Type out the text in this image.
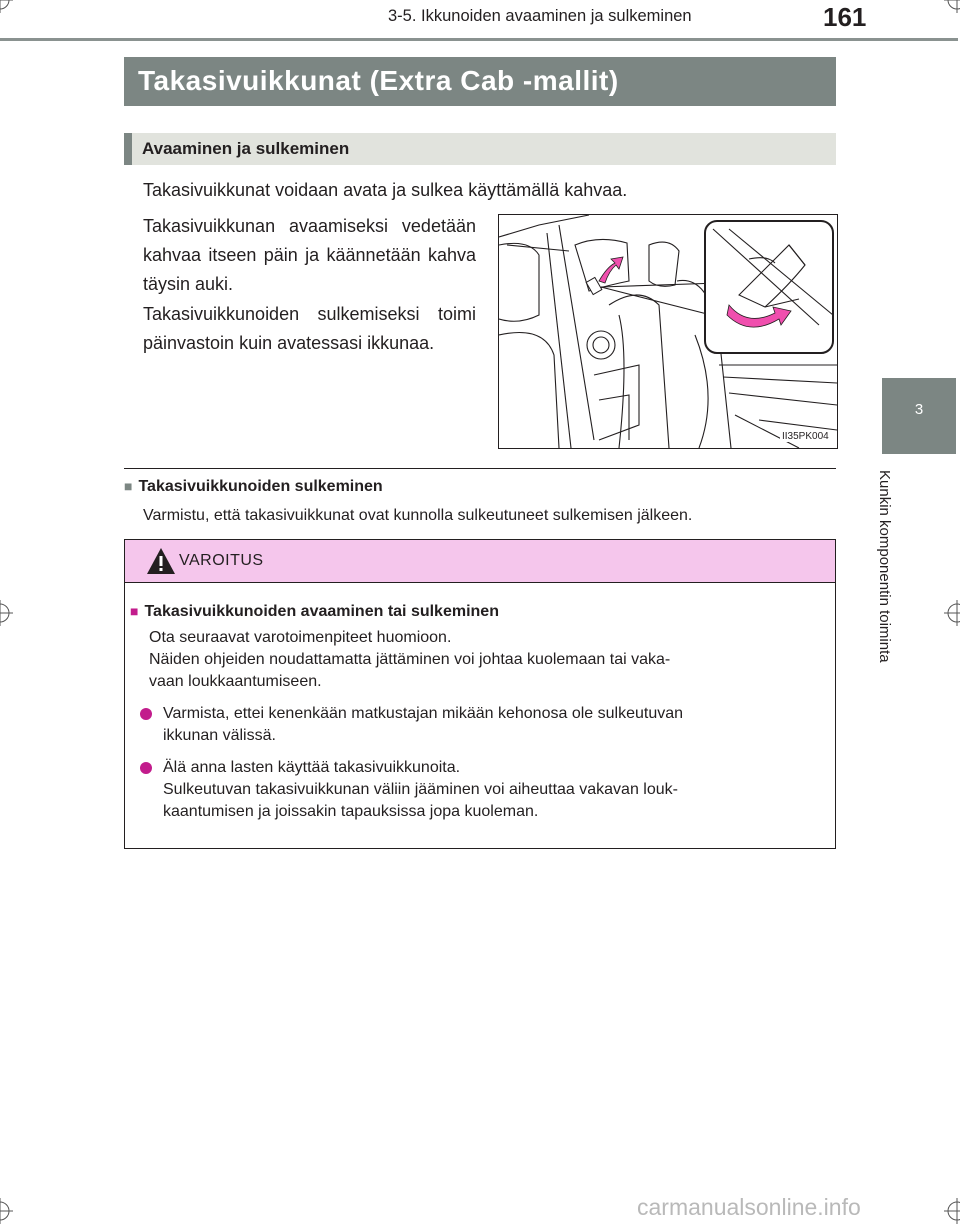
3-5. Ikkunoiden avaaminen ja sulkeminen	161
3
Kunkin komponentin toiminta
Takasivuikkunat (Extra Cab -mallit)
Avaaminen ja sulkeminen
Takasivuikkunat voidaan avata ja sulkea käyttämällä kahvaa.
Takasivuikkunan avaamiseksi vedetään kahvaa itseen päin ja käännetään kahva täysin auki.
Takasivuikkunoiden sulkemiseksi toimi päinvastoin kuin avatessasi ikkunaa.
II35PK004
■ Takasivuikkunoiden sulkeminen
Varmistu, että takasivuikkunat ovat kunnolla sulkeutuneet sulkemisen jälkeen.
VAROITUS
■ Takasivuikkunoiden avaaminen tai sulkeminen
Ota seuraavat varotoimenpiteet huomioon.
Näiden ohjeiden noudattamatta jättäminen voi johtaa kuolemaan tai vaka-
vaan loukkaantumiseen.
Varmista, ettei kenenkään matkustajan mikään kehonosa ole sulkeutuvan
ikkunan välissä.
Älä anna lasten käyttää takasivuikkunoita.
Sulkeutuvan takasivuikkunan väliin jääminen voi aiheuttaa vakavan louk-
kaantumisen ja joissakin tapauksissa jopa kuoleman.
carmanualsonline.info
